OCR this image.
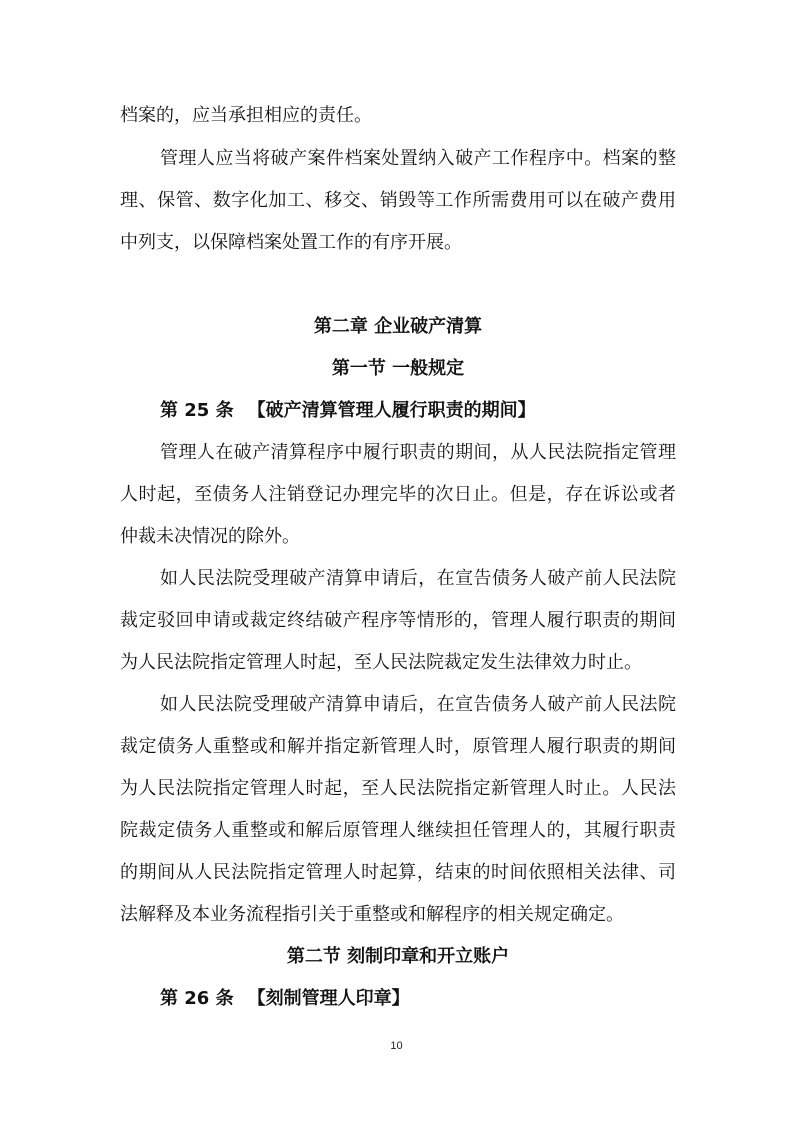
档案的，应当承担相应的责任。
管理人应当将破产案件档案处置纳入破产工作程序中。档案的整
理、保管、数字化加工、移交、销毁等工作所需费用可以在破产费用
中列支，以保障档案处置工作的有序开展。
第二章 企业破产清算
第一节 一般规定
第 25 条 【破产清算管理人履行职责的期间】
管理人在破产清算程序中履行职责的期间，从人民法院指定管理
人时起，至债务人注销登记办理完毕的次日止。但是，存在诉讼或者
仲裁未决情况的除外。
如人民法院受理破产清算申请后，在宣告债务人破产前人民法院
裁定驳回申请或裁定终结破产程序等情形的，管理人履行职责的期间
为人民法院指定管理人时起，至人民法院裁定发生法律效力时止。
如人民法院受理破产清算申请后，在宣告债务人破产前人民法院
裁定债务人重整或和解并指定新管理人时，原管理人履行职责的期间
为人民法院指定管理人时起，至人民法院指定新管理人时止。人民法
院裁定债务人重整或和解后原管理人继续担任管理人的，其履行职责
的期间从人民法院指定管理人时起算，结束的时间依照相关法律、司
法解释及本业务流程指引关于重整或和解程序的相关规定确定。
第二节 刻制印章和开立账户
第 26 条 【刻制管理人印章】
10
